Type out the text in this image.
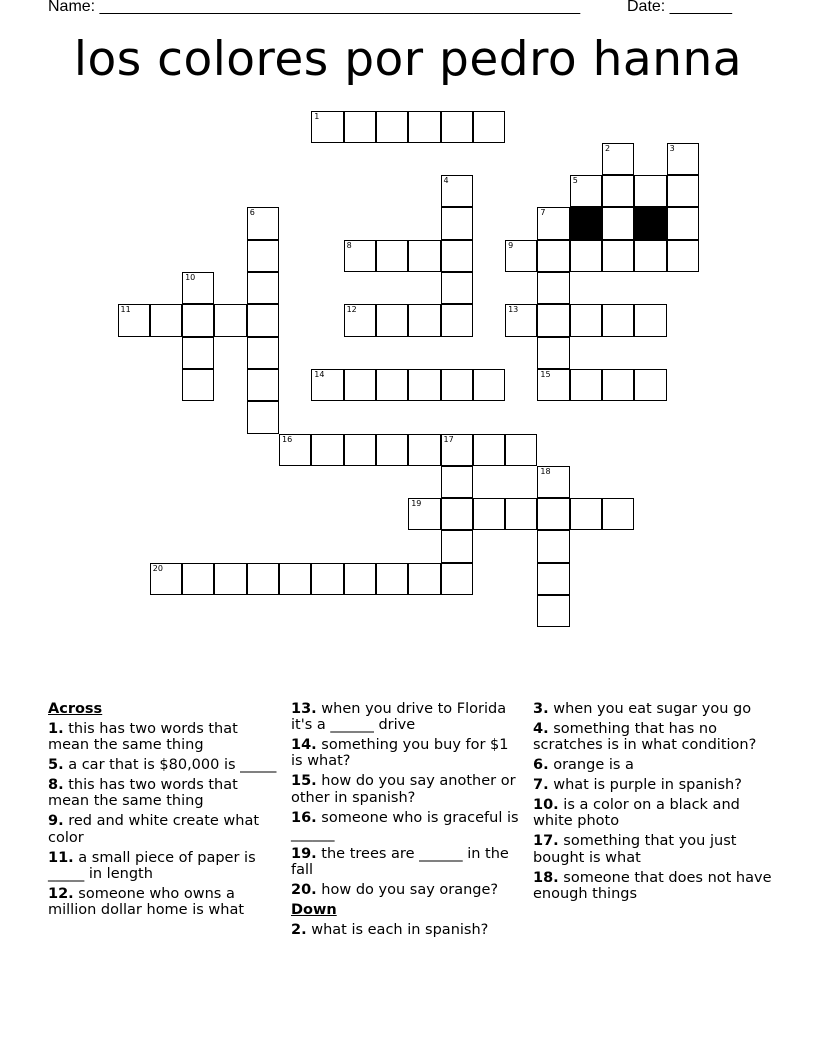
Name: ______________________________________________________	Date: _______
los colores por pedro hanna
1
2	3
4	5
6	7
8	9
10
11	12	13
14	15
16	17
18
19
20
Across

1. this has two words that mean the same thing

5. a car that is $80,000 is _____

8. this has two words that mean the same thing

9. red and white create what color

11. a small piece of paper is _____ in length

12. someone who owns a million dollar home is what

13. when you drive to Florida it's a ______ drive

14. something you buy for $1 is what?

15. how do you say another or other in spanish?

16. someone who is graceful is ______

19. the trees are ______ in the fall

20. how do you say orange?

Down

2. what is each in spanish?

3. when you eat sugar you go

4. something that has no scratches is in what condition?

6. orange is a

7. what is purple in spanish?

10. is a color on a black and white photo

17. something that you just bought is what

18. someone that does not have enough things
